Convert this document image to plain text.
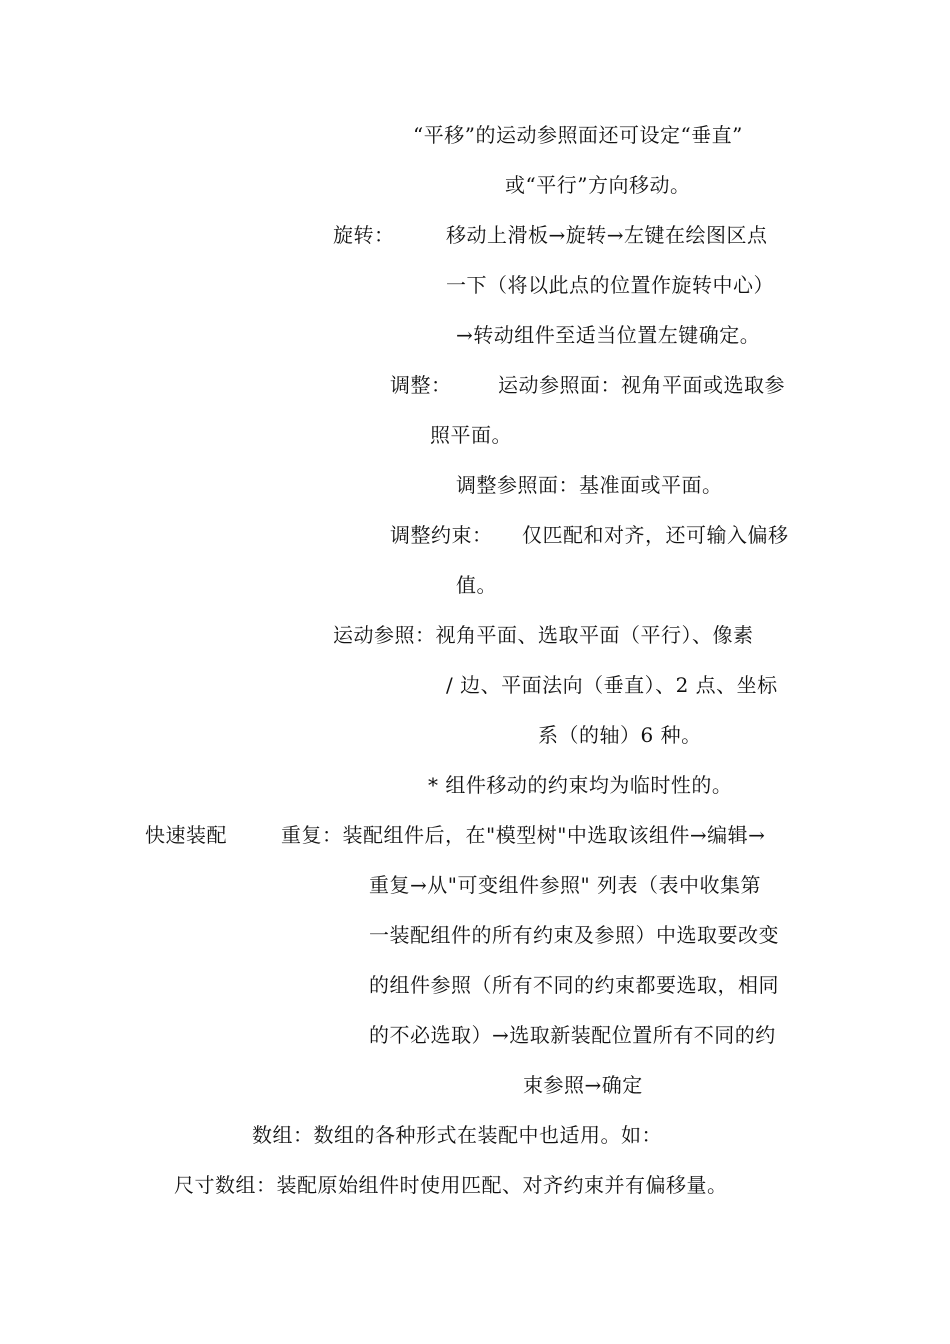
“平移”的运动参照面还可设定“垂直”
或“平行”方向移动。
旋转：	移动上滑板→旋转→左键在绘图区点
一下（将以此点的位置作旋转中心）
→转动组件至适当位置左键确定。
调整： 运动参照面：视角平面或选取参
照平面。
调整参照面：基准面或平面。
调整约束： 仅匹配和对齐，还可输入偏移
值。
运动参照：视角平面、选取平面（平行）、像素
/ 边、平面法向（垂直）、2 点、坐标
系（的轴）6 种。
* 组件移动的约束均为临时性的。
快速装配	重复：装配组件后，在"模型树"中选取该组件→编辑→
重复→从"可变组件参照" 列表（表中收集第
一装配组件的所有约束及参照）中选取要改变
的组件参照（所有不同的约束都要选取，相同
的不必选取）→选取新装配位置所有不同的约
束参照→确定
数组：数组的各种形式在装配中也适用。如：
尺寸数组：装配原始组件时使用匹配、对齐约束并有偏移量。
